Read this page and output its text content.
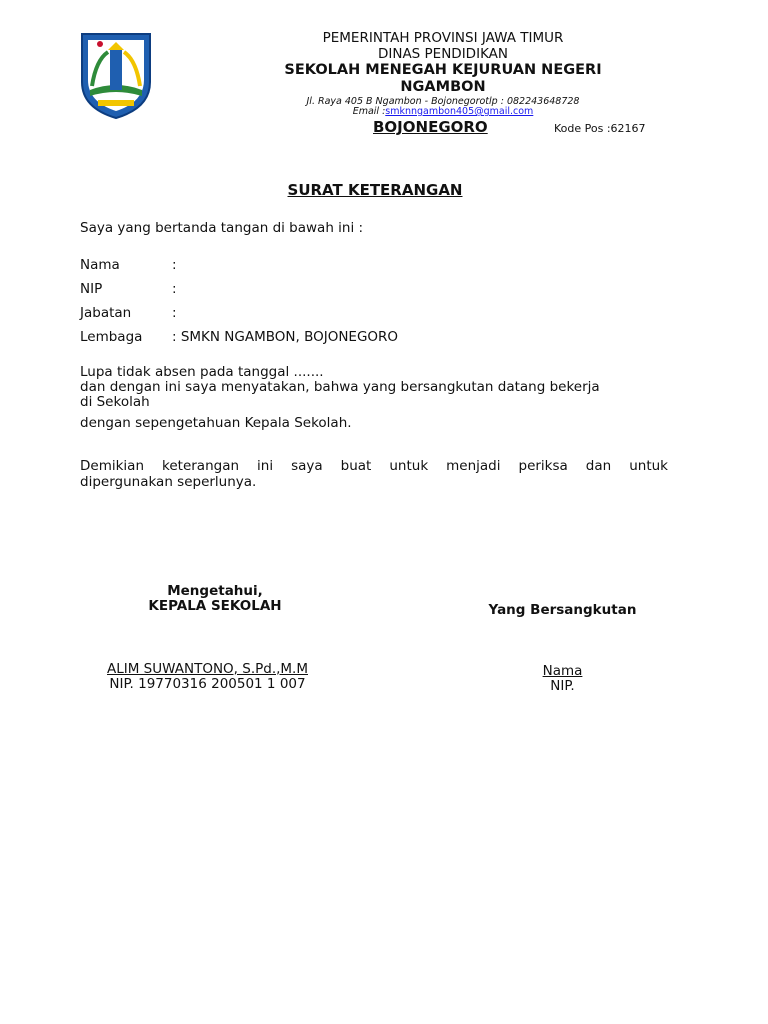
PEMERINTAH PROVINSI JAWA TIMUR
DINAS PENDIDIKAN
SEKOLAH MENEGAH KEJURUAN NEGERI
NGAMBON
Jl. Raya 405 B Ngambon - Bojonegorotlp : 082243648728
Email :smknngambon405@gmail.com
BOJONEGORO	Kode Pos :62167
SURAT KETERANGAN
Saya yang bertanda tangan di bawah ini :
Nama	:
NIP	:
Jabatan	:
Lembaga : SMKN NGAMBON, BOJONEGORO
Lupa tidak absen pada tanggal .......
dan dengan ini saya menyatakan, bahwa yang bersangkutan datang bekerja
di Sekolah
dengan sepengetahuan Kepala Sekolah.
Demikian keterangan ini saya buat untuk menjadi periksa dan untuk
dipergunakan seperlunya.
Mengetahui,
KEPALA SEKOLAH
ALIM SUWANTONO, S.Pd.,M.M
NIP. 19770316 200501 1 007
Yang Bersangkutan
Nama
NIP.
